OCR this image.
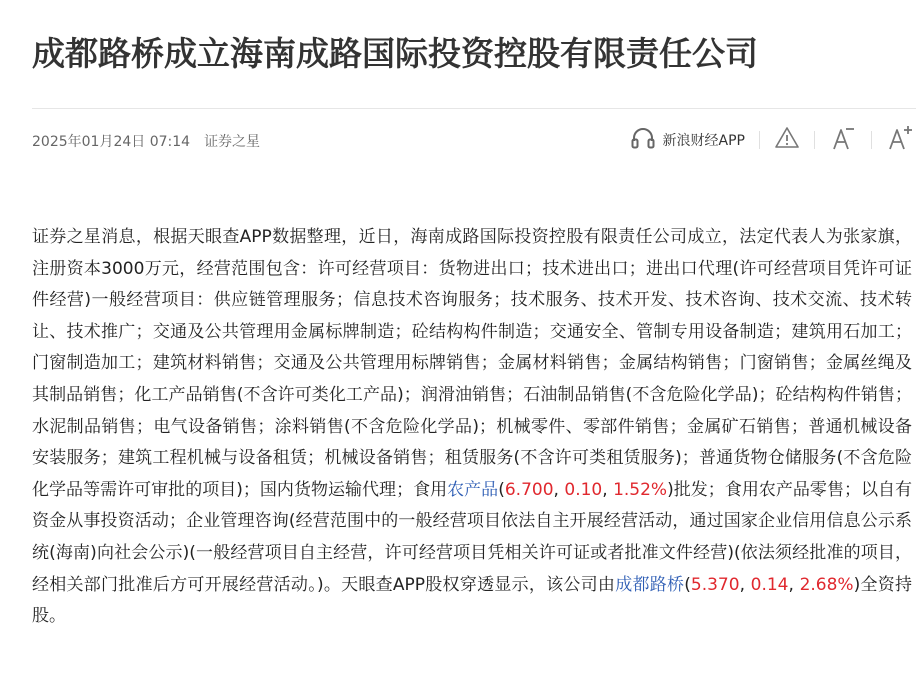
成都路桥成立海南成路国际投资控股有限责任公司
2025年01月24日 07:14 证券之星	新浪财经APP

证券之星消息，根据天眼查APP数据整理，近日，海南成路国际投资控股有限责任公司成立，法定代表人为张家旗，注册资本3000万元，经营范围包含：许可经营项目：货物进出口；技术进出口；进出口代理(许可经营项目凭许可证件经营)一般经营项目：供应链管理服务；信息技术咨询服务；技术服务、技术开发、技术咨询、技术交流、技术转让、技术推广；交通及公共管理用金属标牌制造；砼结构构件制造；交通安全、管制专用设备制造；建筑用石加工；门窗制造加工；建筑材料销售；交通及公共管理用标牌销售；金属材料销售；金属结构销售；门窗销售；金属丝绳及其制品销售；化工产品销售(不含许可类化工产品)；润滑油销售；石油制品销售(不含危险化学品)；砼结构构件销售；水泥制品销售；电气设备销售；涂料销售(不含危险化学品)；机械零件、零部件销售；金属矿石销售；普通机械设备安装服务；建筑工程机械与设备租赁；机械设备销售；租赁服务(不含许可类租赁服务)；普通货物仓储服务(不含危险化学品等需许可审批的项目)；国内货物运输代理；食用农产品(6.700, 0.10, 1.52%)批发；食用农产品零售；以自有资金从事投资活动；企业管理咨询(经营范围中的一般经营项目依法自主开展经营活动，通过国家企业信用信息公示系统(海南)向社会公示)(一般经营项目自主经营，许可经营项目凭相关许可证或者批准文件经营)(依法须经批准的项目，经相关部门批准后方可开展经营活动。)。天眼查APP股权穿透显示，该公司由成都路桥(5.370, 0.14, 2.68%)全资持股。
